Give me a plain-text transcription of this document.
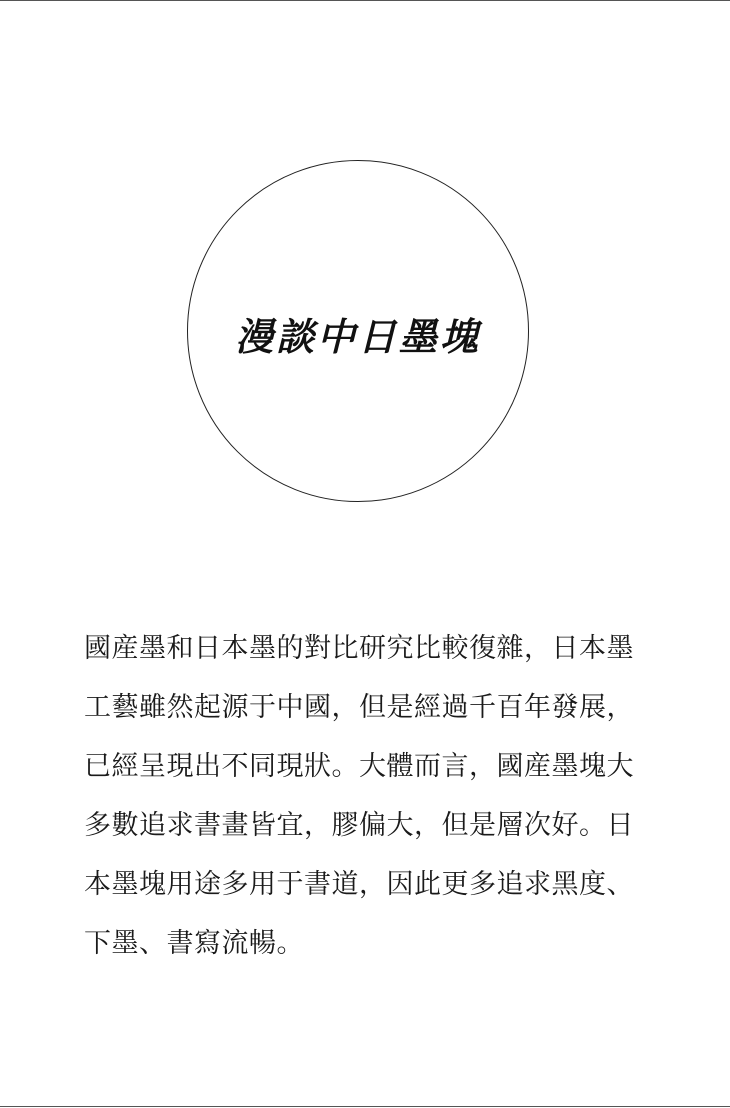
漫談中日墨塊
國産墨和日本墨的對比研究比較復雜，日本墨
工藝雖然起源于中國，但是經過千百年發展，
已經呈現出不同現狀。大體而言，國産墨塊大
多數追求書畫皆宜，膠偏大，但是層次好。日
本墨塊用途多用于書道，因此更多追求黑度、
下墨、書寫流暢。
